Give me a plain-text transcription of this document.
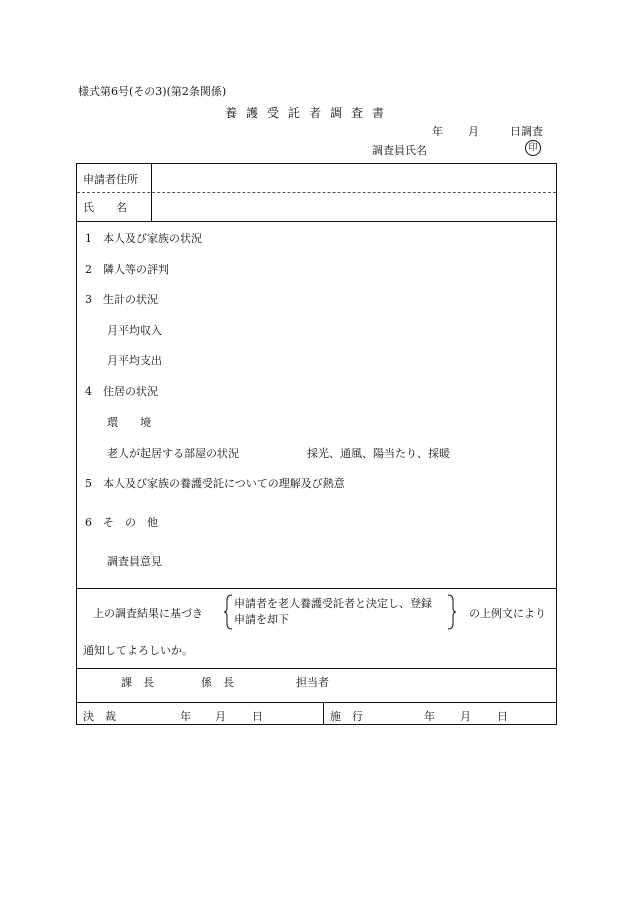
様式第6号(その3)(第2条関係)
養護受託者調査書
年 月	日調査
調査員氏名	印
申請者住所
氏　　名
1　本人及び家族の状況
2　隣人等の評判
3　生計の状況
月平均収入
月平均支出
4　住居の状況
環　　境
老人が起居する部屋の状況	採光、通風、陽当たり、採暖
5　本人及び家族の養護受託についての理解及び熱意
6　そ　の　他
調査員意見
上の調査結果に基づき
申請者を老人養護受託者と決定し、登録
申請を却下	の上例文により
通知してよろしいか。
課　長	係　長	担当者
決　裁	年 月 日	施　行	年 月 日
